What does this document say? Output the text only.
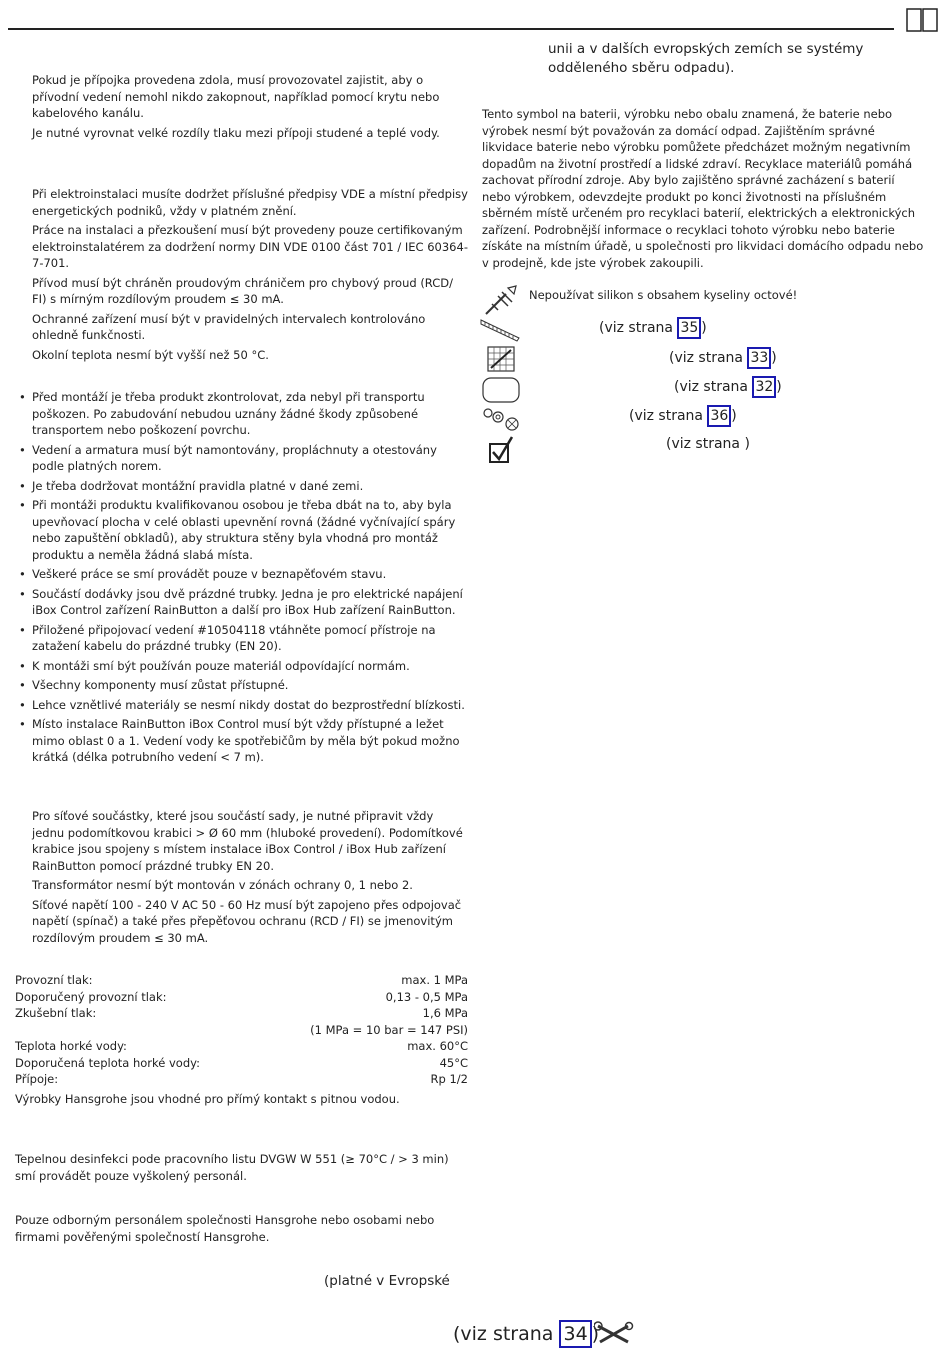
Pokud je přípojka provedena zdola, musí provozovatel zajistit, aby o přívodní vedení nemohl nikdo zakopnout, například pomocí krytu nebo kabelového kanálu.

Je nutné vyrovnat velké rozdíly tlaku mezi přípoji studené a teplé vody.

Při elektroinstalaci musíte dodržet příslušné předpisy VDE a místní předpisy energetických podniků, vždy v platném znění.

Práce na instalaci a přezkoušení musí být provedeny pouze certifikovaným elektroinstalatérem za dodržení normy DIN VDE 0100 část 701 / IEC 60364-7-701.

Přívod musí být chráněn proudovým chráničem pro chybový proud (RCD/ FI) s mírným rozdílovým proudem ≤ 30 mA.

Ochranné zařízení musí být v pravidelných intervalech kontrolováno ohledně funkčnosti.

Okolní teplota nesmí být vyšší než 50 °C.

• Před montáží je třeba produkt zkontrolovat, zda nebyl při transportu poškozen. Po zabudování nebudou uznány žádné škody způsobené transportem nebo poškození povrchu.
• Vedení a armatura musí být namontovány, propláchnuty a otestovány podle platných norem.
• Je třeba dodržovat montážní pravidla platné v dané zemi.
• Při montáži produktu kvalifikovanou osobou je třeba dbát na to, aby byla upevňovací plocha v celé oblasti upevnění rovná (žádné vyčnívající spáry nebo zapuštění obkladů), aby struktura stěny byla vhodná pro montáž produktu a neměla žádná slabá místa.
• Veškeré práce se smí provádět pouze v beznapěťovém stavu.
• Součástí dodávky jsou dvě prázdné trubky. Jedna je pro elektrické napájení iBox Control zařízení RainButton a další pro iBox Hub zařízení RainButton.
• Přiložené připojovací vedení #10504118 vtáhněte pomocí přístroje na zatažení kabelu do prázdné trubky (EN 20).
• K montáži smí být používán pouze materiál odpovídající normám.
• Všechny komponenty musí zůstat přístupné.
• Lehce vznětlivé materiály se nesmí nikdy dostat do bezprostřední blízkosti.
• Místo instalace RainButton iBox Control musí být vždy přístupné a ležet mimo oblast 0 a 1. Vedení vody ke spotřebičům by měla být pokud možno krátká (délka potrubního vedení < 7 m).

Pro síťové součástky, které jsou součástí sady, je nutné připravit vždy jednu podomítkovou krabici > Ø 60 mm (hluboké provedení). Podomítkové krabice jsou spojeny s místem instalace iBox Control / iBox Hub zařízení RainButton pomocí prázdné trubky EN 20.

Transformátor nesmí být montován v zónách ochrany 0, 1 nebo 2.

Síťové napětí 100 - 240 V AC 50 - 60 Hz musí být zapojeno přes odpojovač napětí (spínač) a také přes přepěťovou ochranu (RCD / FI) se jmenovitým rozdílovým proudem ≤ 30 mA.

Provozní tlak:	max. 1 MPa
Doporučený provozní tlak:	0,13 - 0,5 MPa
Zkušební tlak:	1,6 MPa
(1 MPa = 10 bar = 147 PSI)
Teplota horké vody:	max. 60°C
Doporučená teplota horké vody:	45°C
Přípoje:	Rp 1/2
Výrobky Hansgrohe jsou vhodné pro přímý kontakt s pitnou vodou.

Tepelnou desinfekci pode pracovního listu DVGW W 551 (≥ 70°C / > 3 min) smí provádět pouze vyškolený personál.

Pouze odborným personálem společnosti Hansgrohe nebo osobami nebo firmami pověřenými společností Hansgrohe.

(platné v Evropské
(viz strana 34 )
unii a v dalších evropských zemích se systémy odděleného sběru odpadu).

Tento symbol na baterii, výrobku nebo obalu znamená, že baterie nebo výrobek nesmí být považován za domácí odpad. Zajištěním správné likvidace baterie nebo výrobku pomůžete předcházet možným negativním dopadům na životní prostředí a lidské zdraví. Recyklace materiálů pomáhá zachovat přírodní zdroje. Aby bylo zajištěno správné zacházení s baterií nebo výrobkem, odevzdejte produkt po konci životnosti na příslušném sběrném místě určeném pro recyklaci baterií, elektrických a elektronických zařízení. Podrobnější informace o recyklaci tohoto výrobku nebo baterie získáte na místním úřadě, u společnosti pro likvidaci domácího odpadu nebo v prodejně, kde jste výrobek zakoupili.

Nepoužívat silikon s obsahem kyseliny octové!
(viz strana 35 )
(viz strana 33 )
(viz strana 32 )
(viz strana 36 )
(viz strana )
